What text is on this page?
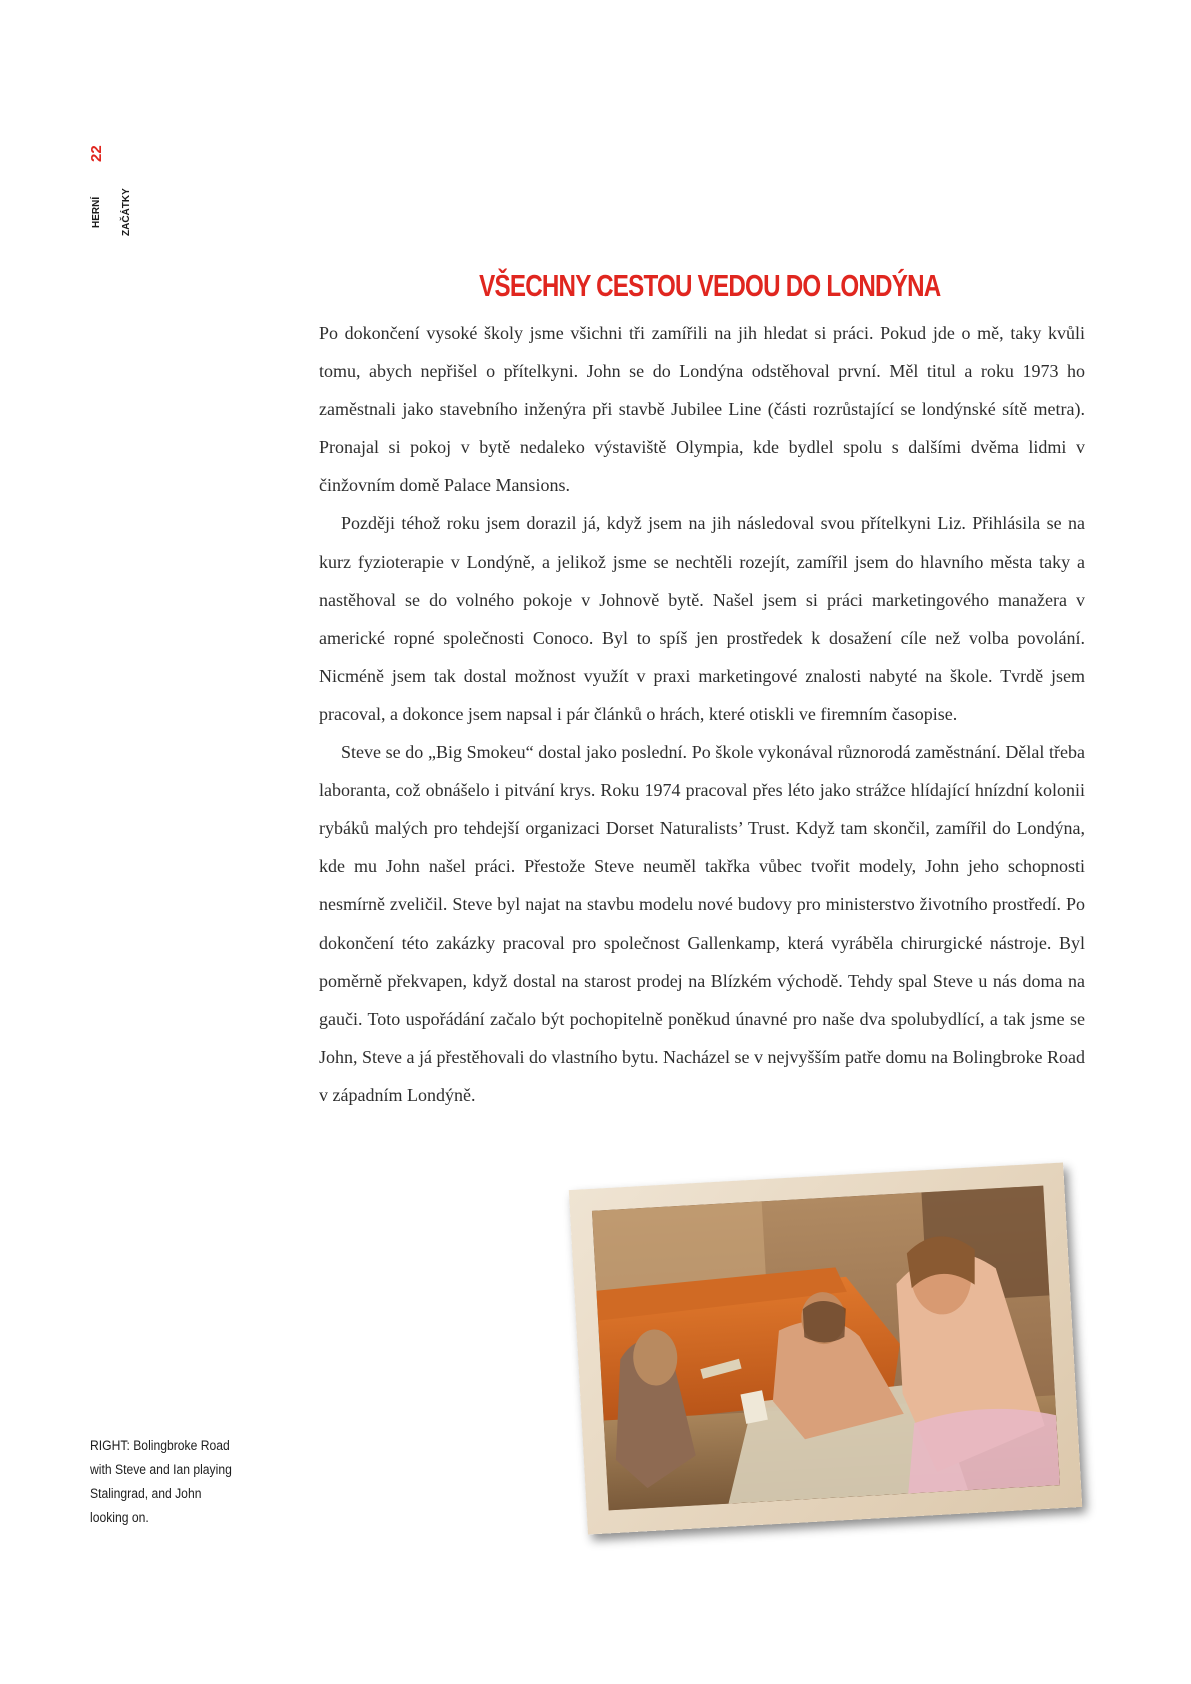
22
HERNÍ ZAČÁTKY
VŠECHNY CESTOU VEDOU DO LONDÝNA

Po dokončení vysoké školy jsme všichni tři zamířili na jih hledat si práci. Pokud jde o mě, taky kvůli tomu, abych nepřišel o přítelkyni. John se do Londýna odstěhoval první. Měl titul a roku 1973 ho zaměstnali jako stavebního inženýra při stavbě Jubilee Line (části rozrůstající se londýnské sítě metra). Pronajal si pokoj v bytě nedaleko výstaviště Olympia, kde bydlel spolu s dalšími dvěma lidmi v činžovním domě Palace Mansions.

Později téhož roku jsem dorazil já, když jsem na jih následoval svou přítelkyni Liz. Přihlásila se na kurz fyzioterapie v Londýně, a jelikož jsme se nechtěli rozejít, zamířil jsem do hlavního města taky a nastěhoval se do volného pokoje v Johnově bytě. Našel jsem si práci marketingového manažera v americké ropné společnosti Conoco. Byl to spíš jen prostředek k dosažení cíle než volba povolání. Nicméně jsem tak dostal možnost využít v praxi marketingové znalosti nabyté na škole. Tvrdě jsem pracoval, a dokonce jsem napsal i pár článků o hrách, které otiskli ve firemním časopise.

Steve se do „Big Smokeu“ dostal jako poslední. Po škole vykonával různorodá zaměstnání. Dělal třeba laboranta, což obnášelo i pitvání krys. Roku 1974 pracoval přes léto jako strážce hlídající hnízdní kolonii rybáků malých pro tehdejší organizaci Dorset Naturalists’ Trust. Když tam skončil, zamířil do Londýna, kde mu John našel práci. Přestože Steve neuměl takřka vůbec tvořit modely, John jeho schopnosti nesmírně zveličil. Steve byl najat na stavbu modelu nové budovy pro ministerstvo životního prostředí. Po dokončení této zakázky pracoval pro společnost Gallenkamp, která vyráběla chirurgické nástroje. Byl poměrně překvapen, když dostal na starost prodej na Blízkém východě. Tehdy spal Steve u nás doma na gauči. Toto uspořádání začalo být pochopitelně poněkud únavné pro naše dva spolubydlící, a tak jsme se John, Steve a já přestěhovali do vlastního bytu. Nacházel se v nejvyšším patře domu na Bolingbroke Road v západním Londýně.

RIGHT: Bolingbroke Road with Steve and Ian playing Stalingrad, and John looking on.
